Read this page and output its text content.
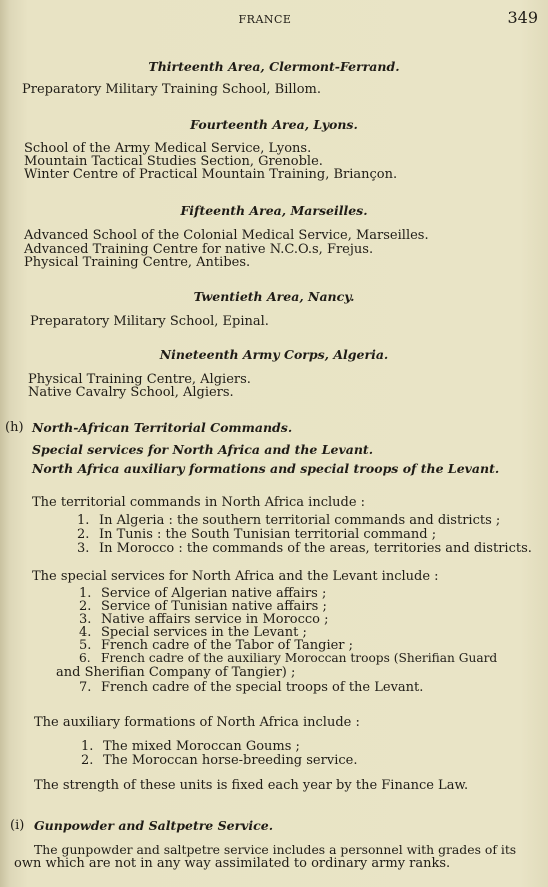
FRANCE	349
Thirteenth Area, Clermont-Ferrand.
Preparatory Military Training School, Billom.
Fourteenth Area, Lyons.
School of the Army Medical Service, Lyons.
Mountain Tactical Studies Section, Grenoble.
Winter Centre of Practical Mountain Training, Briançon.
Fifteenth Area, Marseilles.
Advanced School of the Colonial Medical Service, Marseilles.
Advanced Training Centre for native N.C.O.s, Frejus.
Physical Training Centre, Antibes.
Twentieth Area, Nancy.
Preparatory Military School, Epinal.
Nineteenth Army Corps, Algeria.
Physical Training Centre, Algiers.
Native Cavalry School, Algiers.
(h) North-African Territorial Commands.
Special services for North Africa and the Levant.
North Africa auxiliary formations and special troops of the Levant.
The territorial commands in North Africa include :
1. In Algeria : the southern territorial commands and districts ;
2. In Tunis : the South Tunisian territorial command ;
3. In Morocco : the commands of the areas, territories and districts.
The special services for North Africa and the Levant include :
1. Service of Algerian native affairs ;
2. Service of Tunisian native affairs ;
3. Native affairs service in Morocco ;
4. Special services in the Levant ;
5. French cadre of the Tabor of Tangier ;
6. French cadre of the auxiliary Moroccan troops (Sherifian Guard
and Sherifian Company of Tangier) ;
7. French cadre of the special troops of the Levant.
The auxiliary formations of North Africa include :
1. The mixed Moroccan Goums ;
2. The Moroccan horse-breeding service.
The strength of these units is fixed each year by the Finance Law.
(i) Gunpowder and Saltpetre Service.
The gunpowder and saltpetre service includes a personnel with grades of its
own which are not in any way assimilated to ordinary army ranks.
